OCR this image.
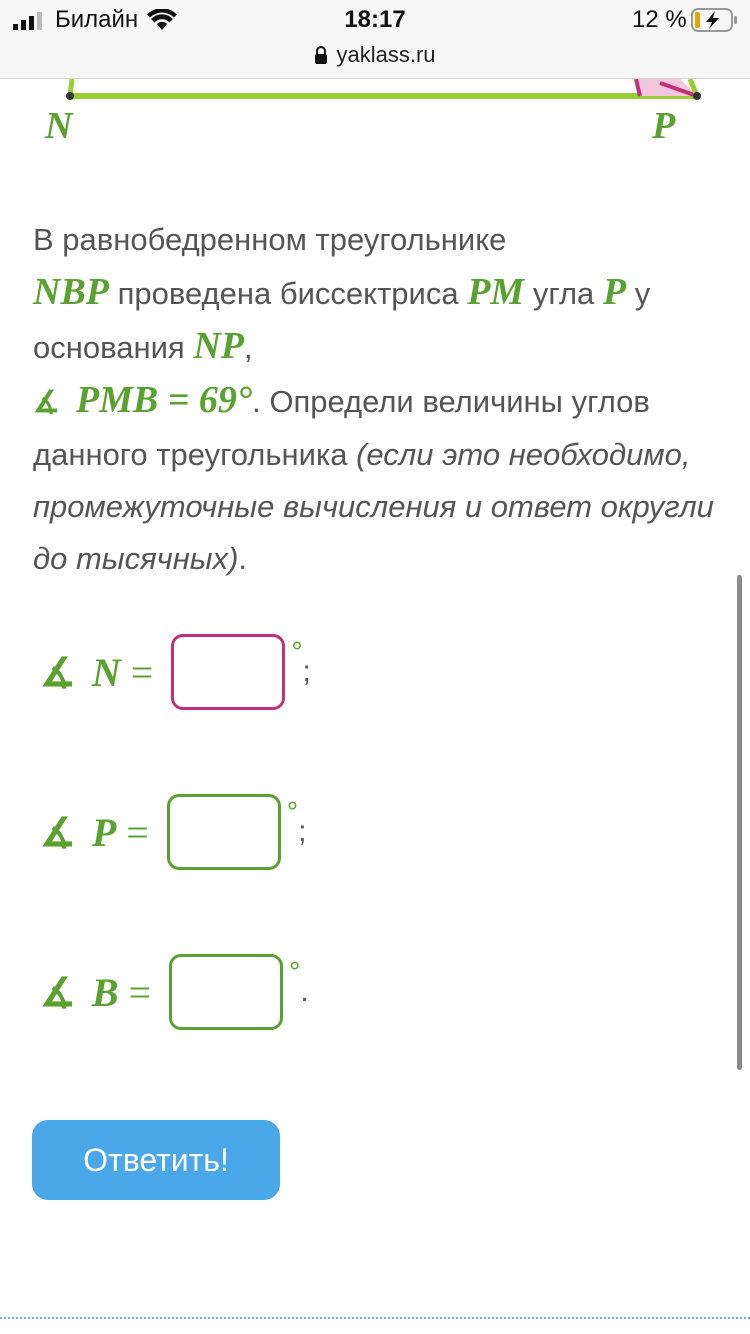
Билайн	18:17	12 %
yaklass.ru
N	P
В равнобедренном треугольнике
NBP проведена биссектриса PM угла P у основания NP,
∡ PMB = 69°. Определи величины углов данного треугольника (если это необходимо, промежуточные вычисления и ответ округли до тысячных).
∡ N =	°
;
∡ P =	°
;
∡ B =	°
.
Ответить!
